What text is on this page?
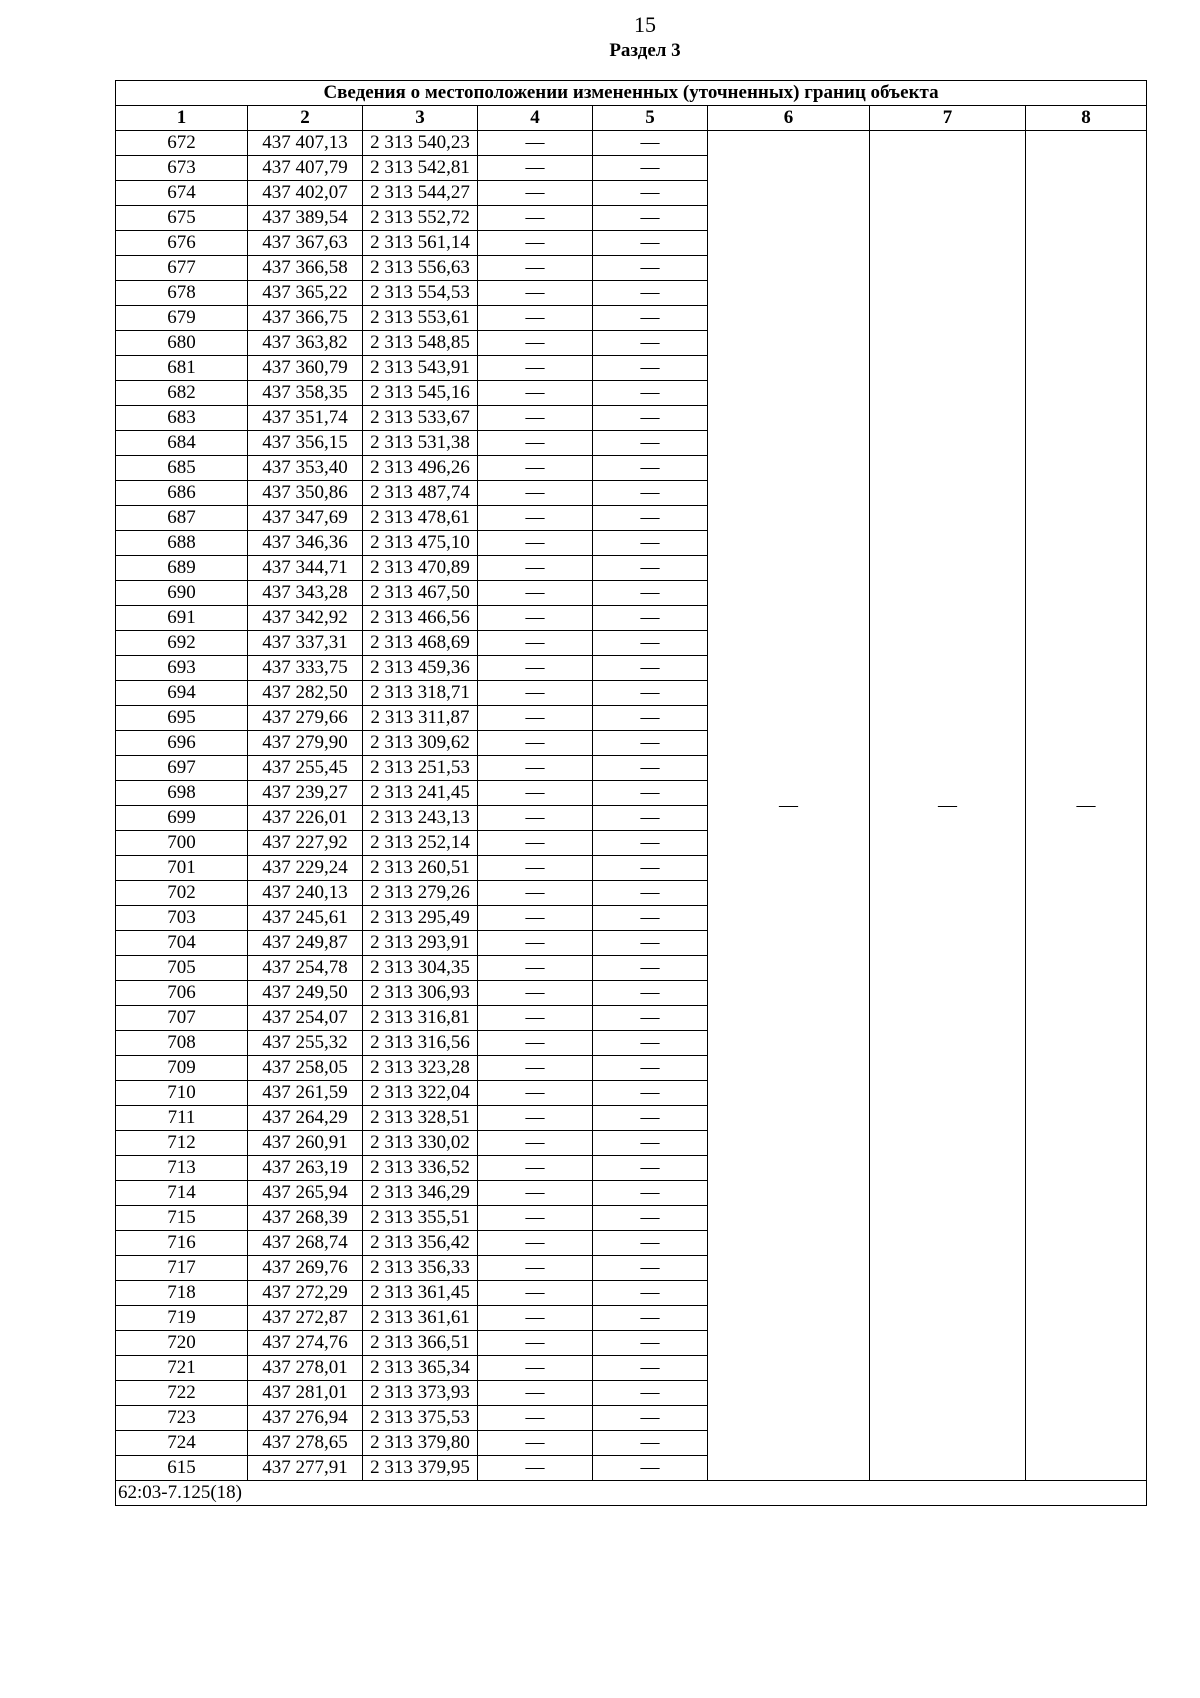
15
Раздел 3
Сведения о местоположении измененных (уточненных) границ объекта							
1	2	3	4	5	6	7	8
672	437 407,13	2 313 540,23	—	—	—	—	—
673	437 407,79	2 313 542,81	—	—			
674	437 402,07	2 313 544,27	—	—			
675	437 389,54	2 313 552,72	—	—			
676	437 367,63	2 313 561,14	—	—			
677	437 366,58	2 313 556,63	—	—			
678	437 365,22	2 313 554,53	—	—			
679	437 366,75	2 313 553,61	—	—			
680	437 363,82	2 313 548,85	—	—			
681	437 360,79	2 313 543,91	—	—			
682	437 358,35	2 313 545,16	—	—			
683	437 351,74	2 313 533,67	—	—			
684	437 356,15	2 313 531,38	—	—			
685	437 353,40	2 313 496,26	—	—			
686	437 350,86	2 313 487,74	—	—			
687	437 347,69	2 313 478,61	—	—			
688	437 346,36	2 313 475,10	—	—			
689	437 344,71	2 313 470,89	—	—			
690	437 343,28	2 313 467,50	—	—			
691	437 342,92	2 313 466,56	—	—			
692	437 337,31	2 313 468,69	—	—			
693	437 333,75	2 313 459,36	—	—			
694	437 282,50	2 313 318,71	—	—			
695	437 279,66	2 313 311,87	—	—			
696	437 279,90	2 313 309,62	—	—			
697	437 255,45	2 313 251,53	—	—			
698	437 239,27	2 313 241,45	—	—			
699	437 226,01	2 313 243,13	—	—			
700	437 227,92	2 313 252,14	—	—			
701	437 229,24	2 313 260,51	—	—			
702	437 240,13	2 313 279,26	—	—			
703	437 245,61	2 313 295,49	—	—			
704	437 249,87	2 313 293,91	—	—			
705	437 254,78	2 313 304,35	—	—			
706	437 249,50	2 313 306,93	—	—			
707	437 254,07	2 313 316,81	—	—			
708	437 255,32	2 313 316,56	—	—			
709	437 258,05	2 313 323,28	—	—			
710	437 261,59	2 313 322,04	—	—			
711	437 264,29	2 313 328,51	—	—			
712	437 260,91	2 313 330,02	—	—			
713	437 263,19	2 313 336,52	—	—			
714	437 265,94	2 313 346,29	—	—			
715	437 268,39	2 313 355,51	—	—			
716	437 268,74	2 313 356,42	—	—			
717	437 269,76	2 313 356,33	—	—			
718	437 272,29	2 313 361,45	—	—			
719	437 272,87	2 313 361,61	—	—			
720	437 274,76	2 313 366,51	—	—			
721	437 278,01	2 313 365,34	—	—			
722	437 281,01	2 313 373,93	—	—			
723	437 276,94	2 313 375,53	—	—			
724	437 278,65	2 313 379,80	—	—			
615	437 277,91	2 313 379,95	—	—			
62:03-7.125(18)							
